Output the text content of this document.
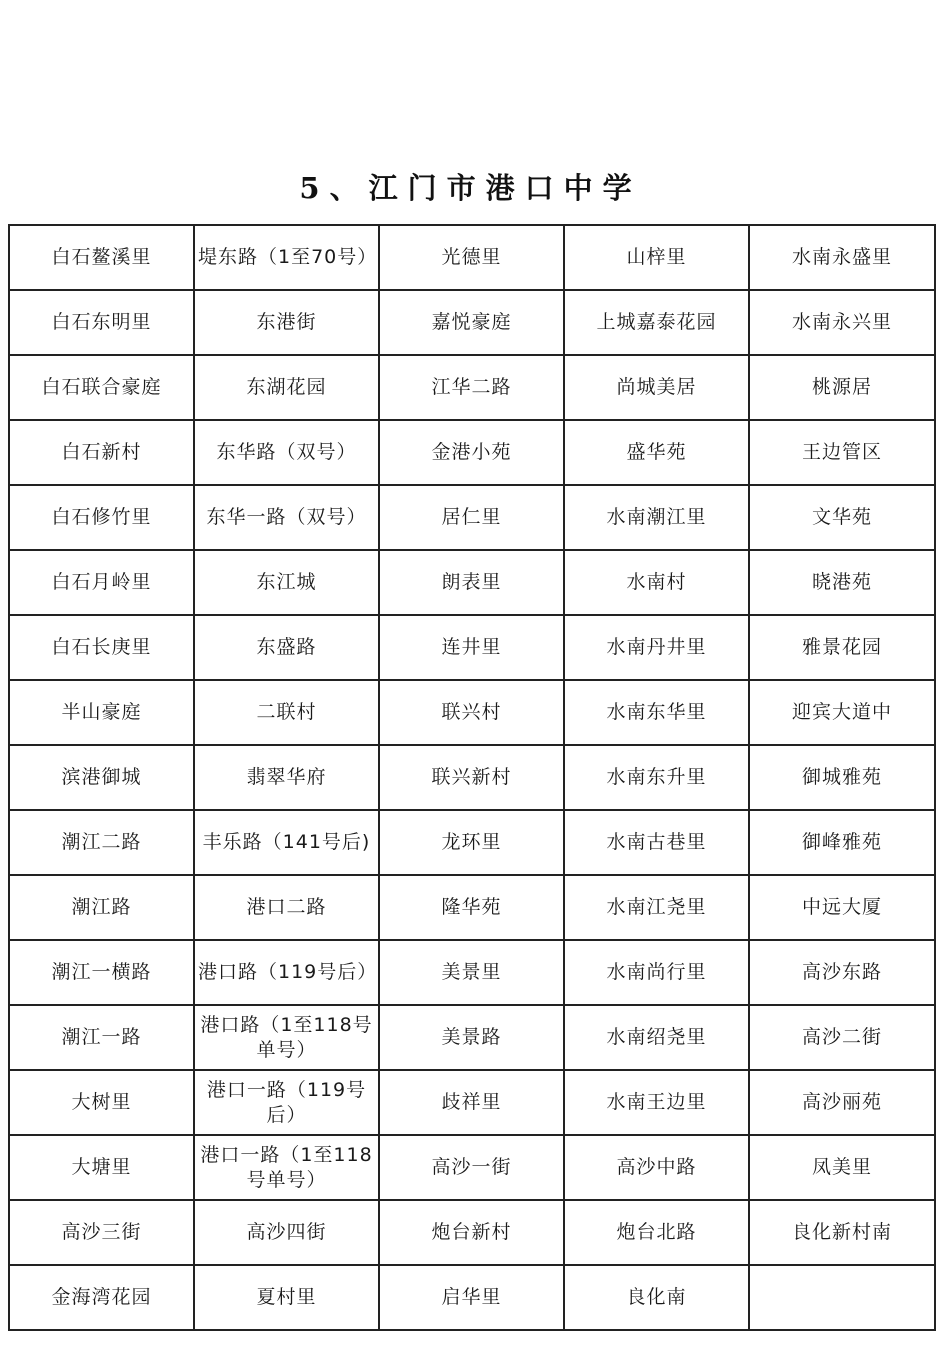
5、江门市港口中学
白石鳌溪里	堤东路（1至70号）	光德里	山梓里	水南永盛里
白石东明里	东港街	嘉悦豪庭	上城嘉泰花园	水南永兴里
白石联合豪庭	东湖花园	江华二路	尚城美居	桃源居
白石新村	东华路（双号）	金港小苑	盛华苑	王边管区
白石修竹里	东华一路（双号）	居仁里	水南潮江里	文华苑
白石月岭里	东江城	朗表里	水南村	晓港苑
白石长庚里	东盛路	连井里	水南丹井里	雅景花园
半山豪庭	二联村	联兴村	水南东华里	迎宾大道中
滨港御城	翡翠华府	联兴新村	水南东升里	御城雅苑
潮江二路	丰乐路（141号后)	龙环里	水南古巷里	御峰雅苑
潮江路	港口二路	隆华苑	水南江尧里	中远大厦
潮江一横路	港口路（119号后）	美景里	水南尚行里	高沙东路
潮江一路	港口路（1至118号单号）	美景路	水南绍尧里	高沙二街
大树里	港口一路（119号后）	歧祥里	水南王边里	高沙丽苑
大塘里	港口一路（1至118号单号）	高沙一街	高沙中路	凤美里
高沙三街	高沙四街	炮台新村	炮台北路	良化新村南
金海湾花园	夏村里	启华里	良化南	
